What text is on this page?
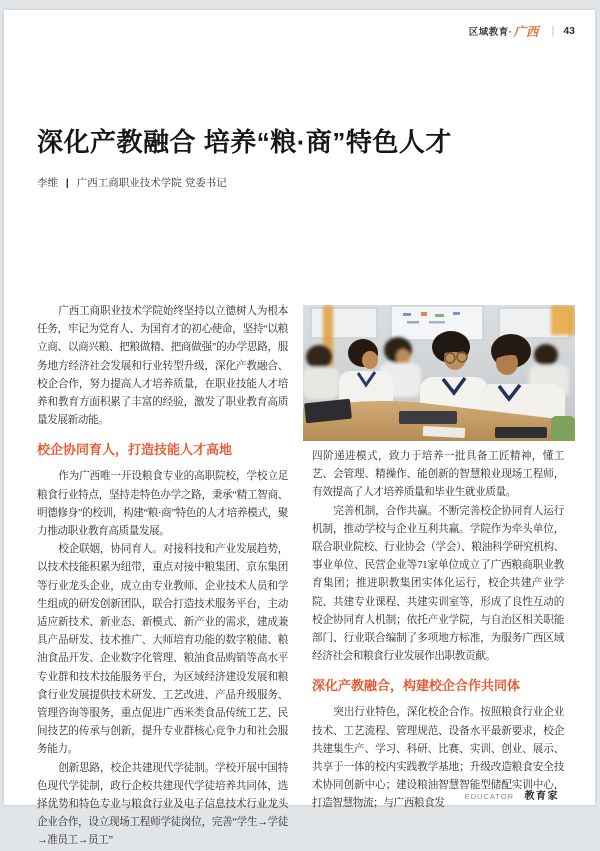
区域教育· 广西 | 43
深化产教融合 培养“粮·商”特色人才
李维 | 广西工商职业技术学院 党委书记

广西工商职业技术学院始终坚持以立德树人为根本任务，牢记为党育人、为国育才的初心使命，坚持“以粮立商、以商兴粮、把粮做精、把商做强”的办学思路，服务地方经济社会发展和行业转型升级，深化产教融合、校企合作，努力提高人才培养质量，在职业技能人才培养和教育方面积累了丰富的经验，激发了职业教育高质量发展新动能。

校企协同育人，打造技能人才高地

作为广西唯一开设粮食专业的高职院校，学校立足粮食行业特点，坚持走特色办学之路，秉承“精工智商、明德修身”的校训，构建“粮·商”特色的人才培养模式，聚力推动职业教育高质量发展。

校企联姻，协同育人。对接科技和产业发展趋势，以技术技能积累为纽带，重点对接中粮集团、京东集团等行业龙头企业，成立由专业教师、企业技术人员和学生组成的研发创新团队，联合打造技术服务平台，主动适应新技术、新业态、新模式、新产业的需求，建成兼具产品研发、技术推广、大师培育功能的数字粮储、粮油食品开发、企业数字化管理、粮油食品购销等高水平专业群和技术技能服务平台，为区域经济建设发展和粮食行业发展提供技术研发、工艺改进、产品升级服务、管理咨询等服务，重点促进广西米类食品传统工艺、民间技艺的传承与创新，提升专业群核心竞争力和社会服务能力。

创新思路，校企共建现代学徒制。学校开展中国特色现代学徒制，政行企校共建现代学徒培养共同体，选择优势和特色专业与粮食行业及电子信息技术行业龙头企业合作，设立现场工程师学徒岗位，完善“学生→学徒→准员工→员工”

四阶递进模式，致力于培养一批具备工匠精神，懂工艺、会管理、精操作、能创新的智慧粮业现场工程师，有效提高了人才培养质量和毕业生就业质量。

完善机制，合作共赢。不断完善校企协同育人运行机制，推动学校与企业互利共赢。学院作为牵头单位，联合职业院校、行业协会（学会）、粮油科学研究机构、事业单位、民营企业等71家单位成立了广西粮商职业教育集团；推进职教集团实体化运行，校企共建产业学院、共建专业课程、共建实训室等，形成了良性互动的校企协同育人机制；依托产业学院，与自治区相关职能部门、行业联合编制了多项地方标准，为服务广西区域经济社会和粮食行业发展作出职教贡献。

深化产教融合，构建校企合作共同体

突出行业特色，深化校企合作。按照粮食行业企业技术、工艺流程、管理规范、设备水平最新要求，校企共建集生产、学习、科研、比赛、实训、创业、展示、共享于一体的校内实践教学基地；升级改造粮食安全技术协同创新中心；建设粮油智慧智能型储配实训中心，打造智慧物流；与广西粮食发

EDUCATOR 教育家
